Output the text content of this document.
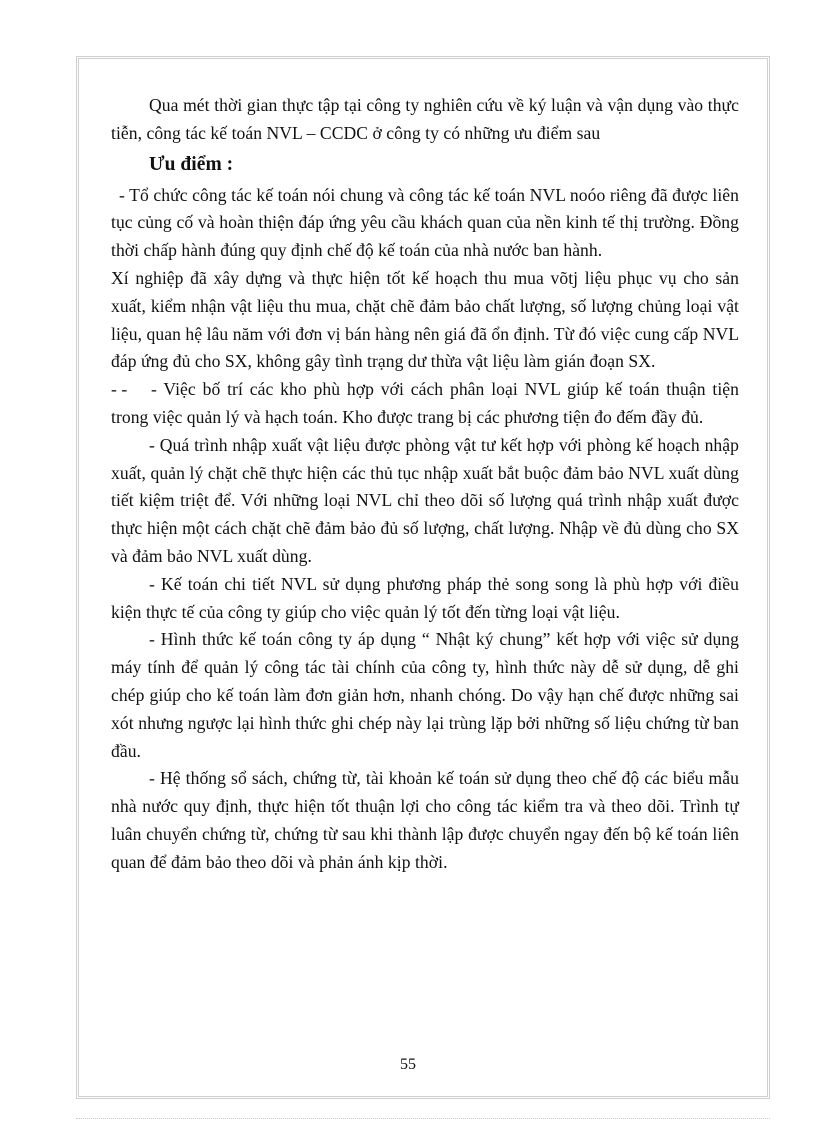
Qua mét thời gian thực tập tại công ty nghiên cứu về ký luận và vận dụng vào thực tiễn, công tác kế toán NVL – CCDC ở công ty có những ưu điểm sau

Ưu điểm :

- Tổ chức công tác kế toán nói chung và công tác kế toán NVL noóo riêng đã được liên tục củng cố và hoàn thiện đáp ứng yêu cầu khách quan của nền kinh tế thị trường. Đồng thời chấp hành đúng quy định chế độ kế toán của nhà nước ban hành.

Xí nghiệp đã xây dựng và thực hiện tốt kế hoạch thu mua võtj liệu phục vụ cho sản xuất, kiểm nhận vật liệu thu mua, chặt chẽ đảm bảo chất lượng, số lượng chủng loại vật liệu, quan hệ lâu năm với đơn vị bán hàng nên giá đã ổn định. Từ đó việc cung cấp NVL đáp ứng đủ cho SX, không gây tình trạng dư thừa vật liệu làm gián đoạn SX.

- - - Việc bố trí các kho phù hợp với cách phân loại NVL giúp kế toán thuận tiện trong việc quản lý và hạch toán. Kho được trang bị các phương tiện đo đếm đầy đủ.

- Quá trình nhập xuất vật liệu được phòng vật tư kết hợp với phòng kế hoạch nhập xuất, quản lý chặt chẽ thực hiện các thủ tục nhập xuất bắt buộc đảm bảo NVL xuất dùng tiết kiệm triệt để. Với những loại NVL chỉ theo dõi số lượng quá trình nhập xuất được thực hiện một cách chặt chẽ đảm bảo đủ số lượng, chất lượng. Nhập về đủ dùng cho SX và đảm bảo NVL xuất dùng.

- Kế toán chi tiết NVL sử dụng phương pháp thẻ song song là phù hợp với điều kiện thực tế của công ty giúp cho việc quản lý tốt đến từng loại vật liệu.

- Hình thức kế toán công ty áp dụng “ Nhật ký chung” kết hợp với việc sử dụng máy tính để quản lý công tác tài chính của công ty, hình thức này dễ sử dụng, dễ ghi chép giúp cho kế toán làm đơn giản hơn, nhanh chóng. Do vậy hạn chế được những sai xót nhưng ngược lại hình thức ghi chép này lại trùng lặp bởi những số liệu chứng từ ban đầu.

- Hệ thống sổ sách, chứng từ, tài khoản kế toán sử dụng theo chế độ các biểu mẫu nhà nước quy định, thực hiện tốt thuận lợi cho công tác kiểm tra và theo dõi. Trình tự luân chuyển chứng từ, chứng từ sau khi thành lập được chuyển ngay đến bộ kế toán liên quan để đảm bảo theo dõi và phản ánh kịp thời.

55
